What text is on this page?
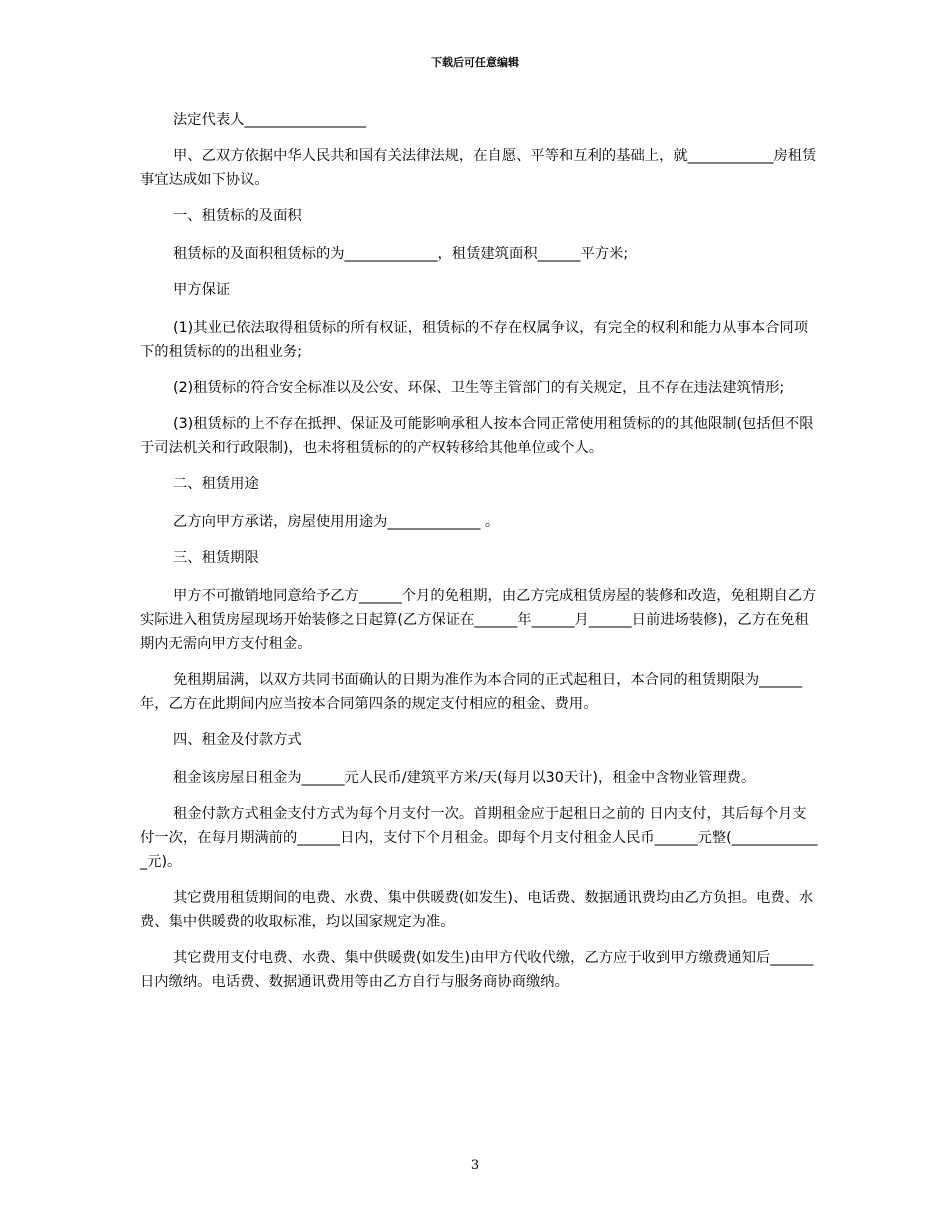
下载后可任意编辑

法定代表人_________________

甲、乙双方依据中华人民共和国有关法律法规，在自愿、平等和互利的基础上，就____________房租赁事宜达成如下协议。

一、租赁标的及面积

租赁标的及面积租赁标的为_____________，租赁建筑面积______平方米;

甲方保证

(1)其业已依法取得租赁标的所有权证，租赁标的不存在权属争议，有完全的权利和能力从事本合同项下的租赁标的的出租业务;

(2)租赁标的符合安全标准以及公安、环保、卫生等主管部门的有关规定，且不存在违法建筑情形;

(3)租赁标的上不存在抵押、保证及可能影响承租人按本合同正常使用租赁标的的其他限制(包括但不限于司法机关和行政限制)，也未将租赁标的的产权转移给其他单位或个人。

二、租赁用途

乙方向甲方承诺，房屋使用用途为_____________ 。

三、租赁期限

甲方不可撤销地同意给予乙方______个月的免租期，由乙方完成租赁房屋的装修和改造，免租期自乙方实际进入租赁房屋现场开始装修之日起算(乙方保证在______年______月______日前进场装修)，乙方在免租期内无需向甲方支付租金。

免租期届满，以双方共同书面确认的日期为准作为本合同的正式起租日，本合同的租赁期限为______年，乙方在此期间内应当按本合同第四条的规定支付相应的租金、费用。

四、租金及付款方式

租金该房屋日租金为______元人民币/建筑平方米/天(每月以30天计)，租金中含物业管理费。

租金付款方式租金支付方式为每个月支付一次。首期租金应于起租日之前的 日内支付，其后每个月支付一次，在每月期满前的______日内，支付下个月租金。即每个月支付租金人民币______元整(_____________元)。

其它费用租赁期间的电费、水费、集中供暖费(如发生)、电话费、数据通讯费均由乙方负担。电费、水费、集中供暖费的收取标准，均以国家规定为准。

其它费用支付电费、水费、集中供暖费(如发生)由甲方代收代缴，乙方应于收到甲方缴费通知后______日内缴纳。电话费、数据通讯费用等由乙方自行与服务商协商缴纳。

3
